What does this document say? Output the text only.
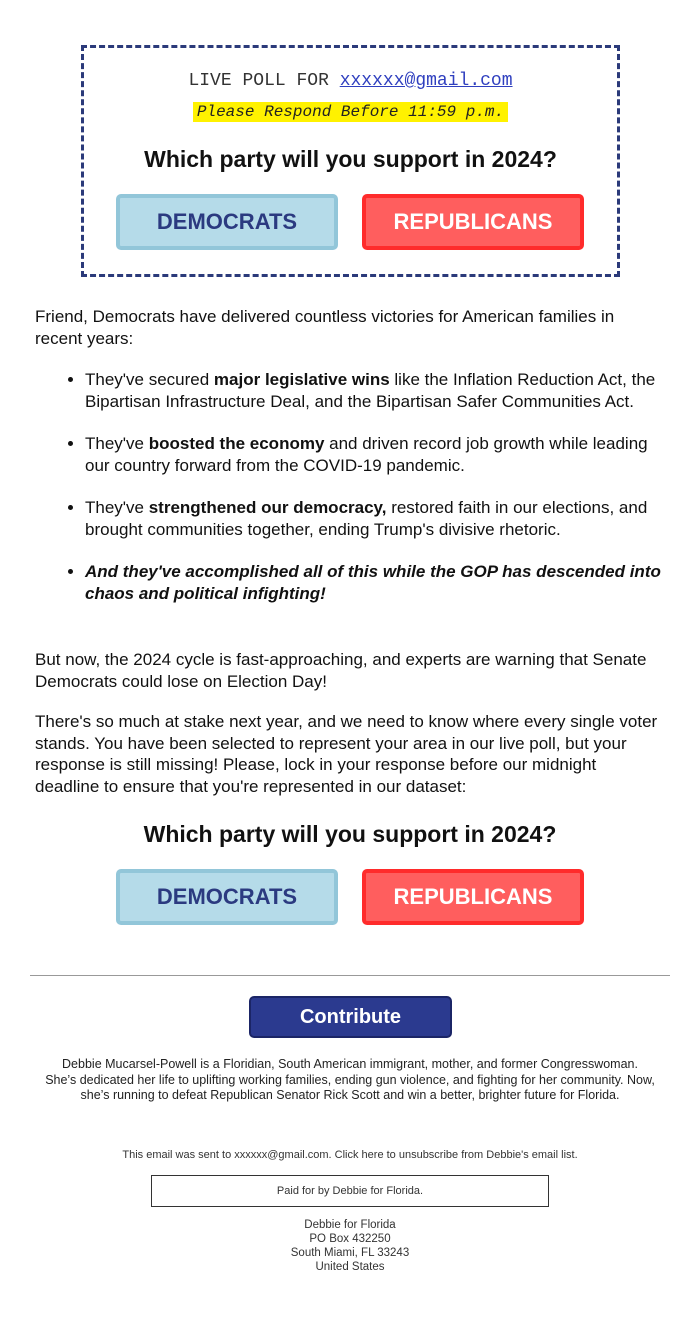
LIVE POLL FOR xxxxxx@gmail.com
Please Respond Before 11:59 p.m.
Which party will you support in 2024?
DEMOCRATS	REPUBLICANS

Friend, Democrats have delivered countless victories for American families in recent years:

• They've secured major legislative wins like the Inflation Reduction Act, the Bipartisan Infrastructure Deal, and the Bipartisan Safer Communities Act.
• They've boosted the economy and driven record job growth while leading our country forward from the COVID-19 pandemic.
• They've strengthened our democracy, restored faith in our elections, and brought communities together, ending Trump's divisive rhetoric.
• And they've accomplished all of this while the GOP has descended into chaos and political infighting!

But now, the 2024 cycle is fast-approaching, and experts are warning that Senate Democrats could lose on Election Day!

There's so much at stake next year, and we need to know where every single voter stands. You have been selected to represent your area in our live poll, but your response is still missing! Please, lock in your response before our midnight deadline to ensure that you're represented in our dataset:

Which party will you support in 2024?
DEMOCRATS	REPUBLICANS
Contribute

Debbie Mucarsel-Powell is a Floridian, South American immigrant, mother, and former Congresswoman. She’s dedicated her life to uplifting working families, ending gun violence, and fighting for her community. Now, she’s running to defeat Republican Senator Rick Scott and win a better, brighter future for Florida.

This email was sent to xxxxxx@gmail.com. Click here to unsubscribe from Debbie's email list.

Paid for by Debbie for Florida.
Debbie for Florida
PO Box 432250
South Miami, FL 33243
United States
